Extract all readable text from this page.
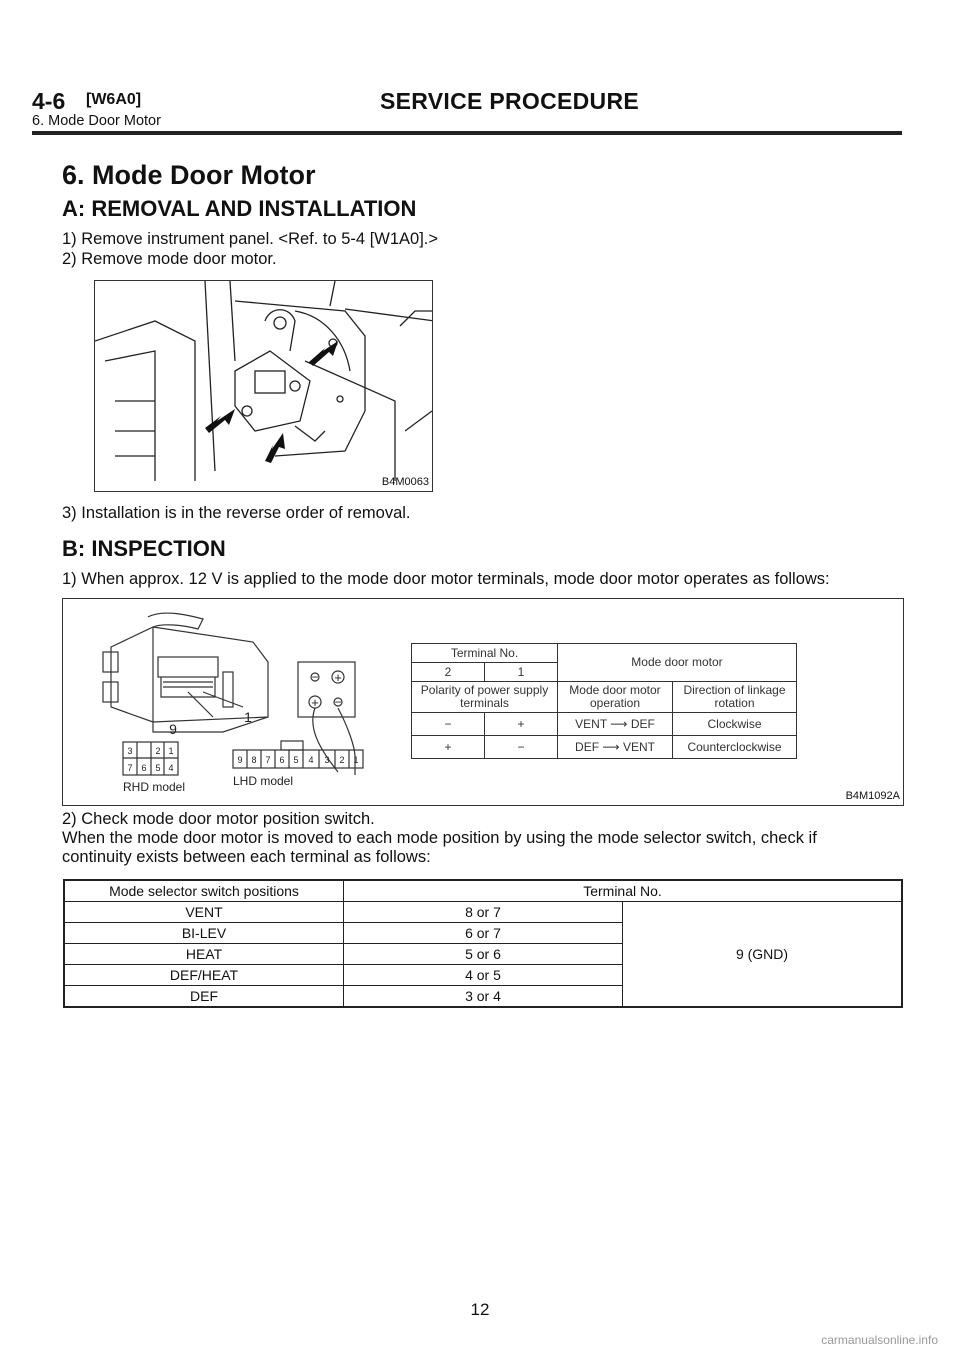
4-6 [W6A0]	SERVICE PROCEDURE
6. Mode Door Motor
6. Mode Door Motor
A: REMOVAL AND INSTALLATION
1) Remove instrument panel. <Ref. to 5-4 [W1A0].>
2) Remove mode door motor.
B4M0063
3) Installation is in the reverse order of removal.
B: INSPECTION
1) When approx. 12 V is applied to the mode door motor terminals, mode door motor operates as follows:
3	2 1
7 6 5 4
9 8 7 6 5 4 3 2 1
− +
+ −
9
1
RHD model	LHD model
Terminal No.		Mode door motor	
2	1		
Polarity of power supply terminals		Mode door motor operation	Direction of linkage rotation
−	+	VENT ⟶ DEF	Clockwise
+	−	DEF ⟶ VENT	Counterclockwise
B4M1092A
2) Check mode door motor position switch.
When the mode door motor is moved to each mode position by using the mode selector switch, check if
continuity exists between each terminal as follows:
Mode selector switch positions	Terminal No.	
VENT	8 or 7	9 (GND)
BI-LEV	6 or 7	
HEAT	5 or 6	
DEF/HEAT	4 or 5	
DEF	3 or 4	
12
carmanualsonline.info
